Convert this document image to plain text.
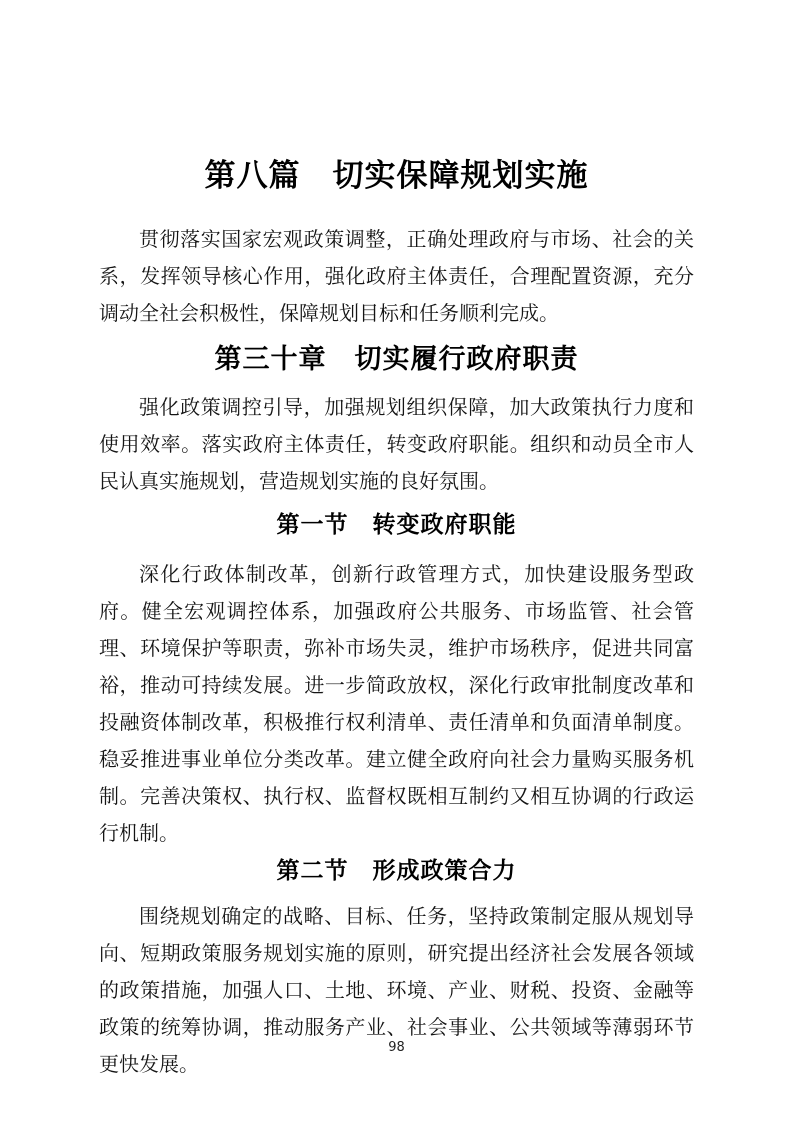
第八篇　切实保障规划实施

贯彻落实国家宏观政策调整，正确处理政府与市场、社会的关系，发挥领导核心作用，强化政府主体责任，合理配置资源，充分调动全社会积极性，保障规划目标和任务顺利完成。

第三十章　切实履行政府职责

强化政策调控引导，加强规划组织保障，加大政策执行力度和使用效率。落实政府主体责任，转变政府职能。组织和动员全市人民认真实施规划，营造规划实施的良好氛围。

第一节　转变政府职能

深化行政体制改革，创新行政管理方式，加快建设服务型政府。健全宏观调控体系，加强政府公共服务、市场监管、社会管理、环境保护等职责，弥补市场失灵，维护市场秩序，促进共同富裕，推动可持续发展。进一步简政放权，深化行政审批制度改革和投融资体制改革，积极推行权利清单、责任清单和负面清单制度。稳妥推进事业单位分类改革。建立健全政府向社会力量购买服务机制。完善决策权、执行权、监督权既相互制约又相互协调的行政运行机制。

第二节　形成政策合力

围绕规划确定的战略、目标、任务，坚持政策制定服从规划导向、短期政策服务规划实施的原则，研究提出经济社会发展各领域的政策措施，加强人口、土地、环境、产业、财税、投资、金融等政策的统筹协调，推动服务产业、社会事业、公共领域等薄弱环节更快发展。

98
